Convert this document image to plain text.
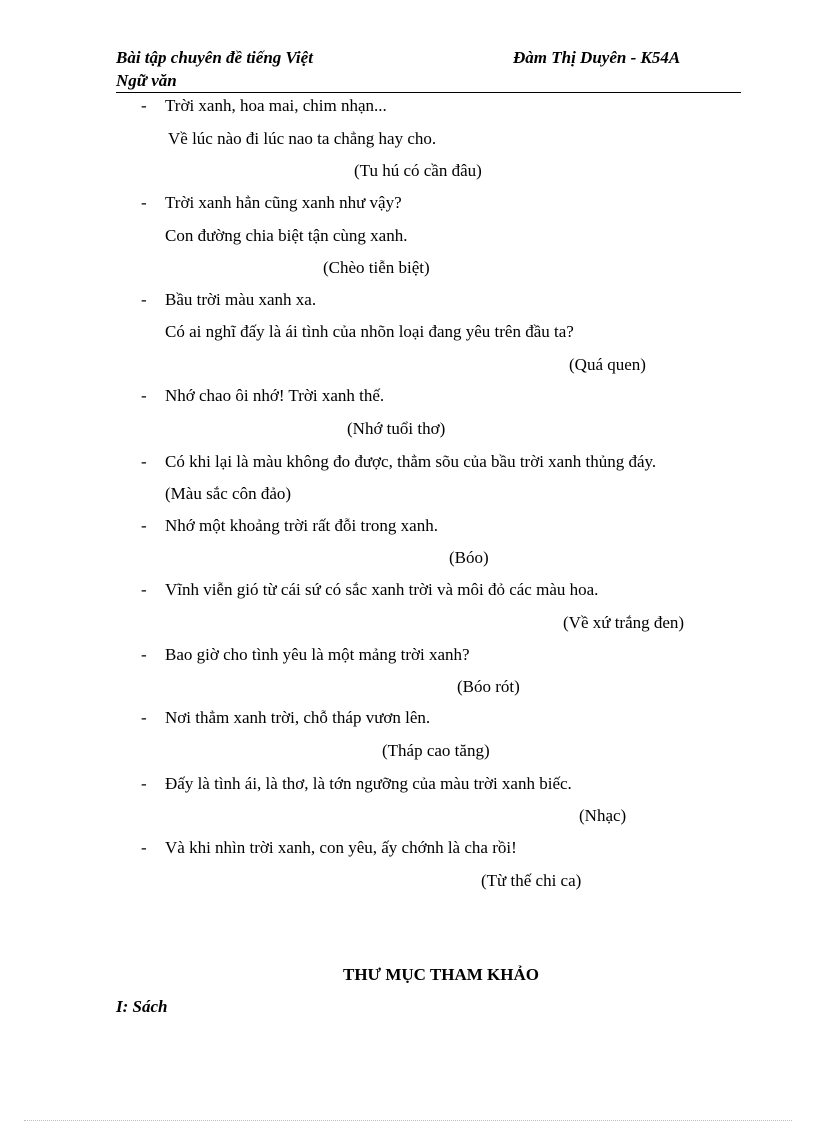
Bài tập chuyên đề tiếng Việt
Ngữ văn
Đàm Thị Duyên - K54A
- Trời xanh, hoa mai, chim nhạn...
Về lúc nào đi lúc nao ta chẳng hay cho.
(Tu hú có cần đâu)
- Trời xanh hẳn cũng xanh như vậy?
Con đường chia biệt tận cùng xanh.
(Chèo tiễn biệt)
- Bầu trời màu xanh xa.
Có ai nghĩ đấy là ái tình của nhõn loại đang yêu trên đầu ta?
(Quá quen)
- Nhớ chao ôi nhớ! Trời xanh thế.
(Nhớ tuổi thơ)
- Có khi lại là màu không đo được, thẳm sõu của bầu trời xanh thủng đáy.
(Màu sắc côn đảo)
- Nhớ một khoảng trời rất đỗi trong xanh.
(Bóo)
- Vĩnh viễn gió từ cái sứ có sắc xanh trời và môi đỏ các màu hoa.
(Về xứ trắng đen)
- Bao giờ cho tình yêu là một mảng trời xanh?
(Bóo rót)
- Nơi thẳm xanh trời, chỗ tháp vươn lên.
(Tháp cao tăng)
- Đấy là tình ái, là thơ, là tớn ngưỡng của màu trời xanh biếc.
(Nhạc)
- Và khi nhìn trời xanh, con yêu, ấy chớnh là cha rồi!
(Từ thế chi ca)
THƯ MỤC THAM KHẢO
I: Sách
